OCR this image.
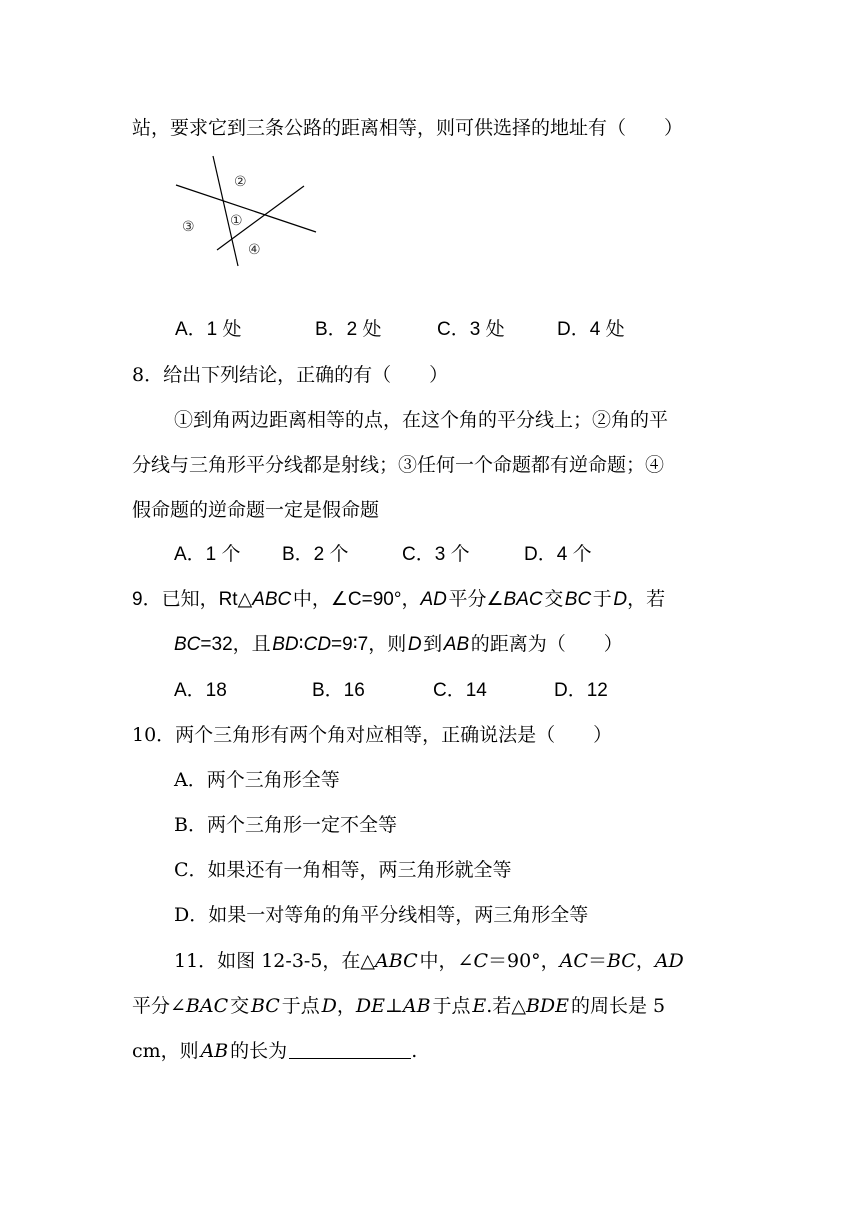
站，要求它到三条公路的距离相等，则可供选择的地址有（　　）
①
②
③
④
A．1 处	B．2 处	C．3 处	D．4 处
8．给出下列结论，正确的有（　　）
①到角两边距离相等的点，在这个角的平分线上；②角的平
分线与三角形平分线都是射线；③任何一个命题都有逆命题；④
假命题的逆命题一定是假命题
A．1 个 B．2 个	C．3 个	D．4 个
9．已知，Rt△ABC 中，∠C=90°，AD 平分∠BAC 交 BC 于 D，若
BC=32，且 BD∶CD=9∶7，则 D 到 AB 的距离为（　　）
A．18	B．16	C．14	D．12
10．两个三角形有两个角对应相等，正确说法是（　　）
A．两个三角形全等
B．两个三角形一定不全等
C．如果还有一角相等，两三角形就全等
D．如果一对等角的角平分线相等，两三角形全等
11．如图 12-3-5，在△ABC  中，∠C＝90°，AC＝BC，AD
平分∠BAC  交  BC  于点  D，DE⊥AB  于点  E.若△BDE  的周长是 5
cm，则  AB  的长为	.
